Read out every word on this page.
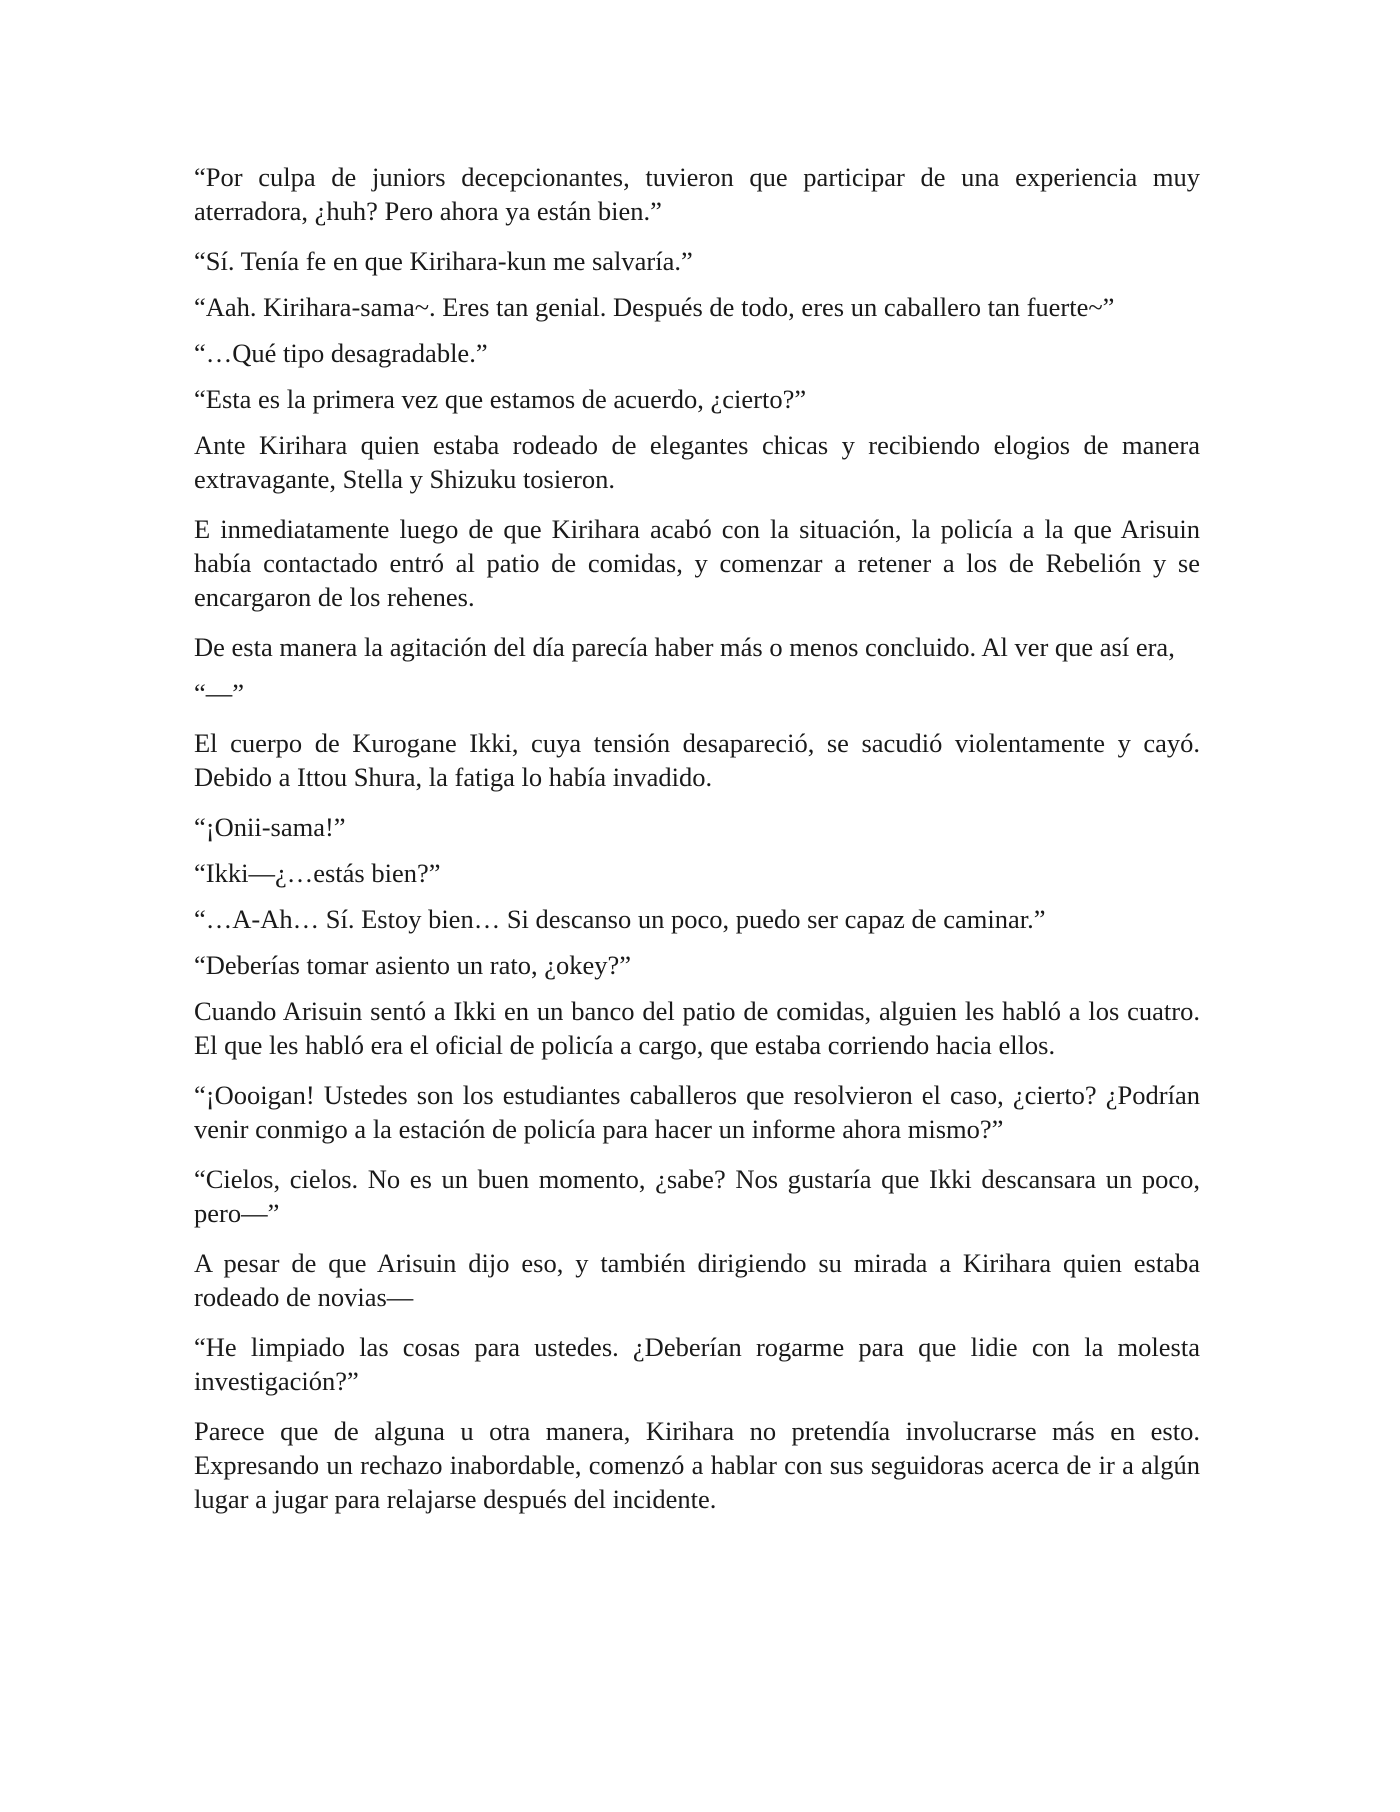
“Por culpa de juniors decepcionantes, tuvieron que participar de una experiencia muy aterradora, ¿huh? Pero ahora ya están bien.”

“Sí. Tenía fe en que Kirihara-kun me salvaría.”

“Aah. Kirihara-sama~. Eres tan genial. Después de todo, eres un caballero tan fuerte~”

“…Qué tipo desagradable.”

“Esta es la primera vez que estamos de acuerdo, ¿cierto?”

Ante Kirihara quien estaba rodeado de elegantes chicas y recibiendo elogios de manera extravagante, Stella y Shizuku tosieron.

E inmediatamente luego de que Kirihara acabó con la situación, la policía a la que Arisuin había contactado entró al patio de comidas, y comenzar a retener a los de Rebelión y se encargaron de los rehenes.

De esta manera la agitación del día parecía haber más o menos concluido. Al ver que así era,

“—”

El cuerpo de Kurogane Ikki, cuya tensión desapareció, se sacudió violentamente y cayó. Debido a Ittou Shura, la fatiga lo había invadido.

“¡Onii-sama!”

“Ikki—¿…estás bien?”

“…A-Ah… Sí. Estoy bien… Si descanso un poco, puedo ser capaz de caminar.”

“Deberías tomar asiento un rato, ¿okey?”

Cuando Arisuin sentó a Ikki en un banco del patio de comidas, alguien les habló a los cuatro. El que les habló era el oficial de policía a cargo, que estaba corriendo hacia ellos.

“¡Oooigan! Ustedes son los estudiantes caballeros que resolvieron el caso, ¿cierto? ¿Podrían venir conmigo a la estación de policía para hacer un informe ahora mismo?”

“Cielos, cielos. No es un buen momento, ¿sabe? Nos gustaría que Ikki descansara un poco, pero—”

A pesar de que Arisuin dijo eso, y también dirigiendo su mirada a Kirihara quien estaba rodeado de novias—

“He limpiado las cosas para ustedes. ¿Deberían rogarme para que lidie con la molesta investigación?”

Parece que de alguna u otra manera, Kirihara no pretendía involucrarse más en esto. Expresando un rechazo inabordable, comenzó a hablar con sus seguidoras acerca de ir a algún lugar a jugar para relajarse después del incidente.
